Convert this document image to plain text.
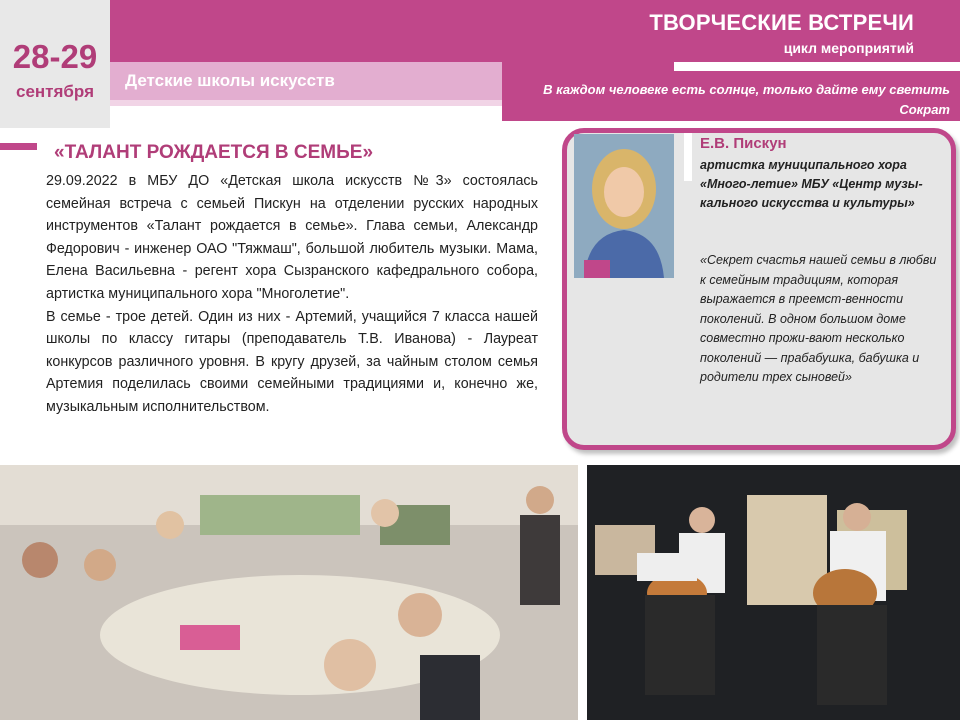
28-29
сентября
ТВОРЧЕСКИЕ ВСТРЕЧИ
цикл мероприятий
Детские школы искусств	В каждом человеке есть солнце, только дайте ему светить
Сократ
«ТАЛАНТ РОЖДАЕТСЯ В СЕМЬЕ»

29.09.2022 в МБУ ДО «Детская школа искусств №3» состоялась семейная встреча с семьей Пискун на отделении русских народных инструментов «Талант рождается в семье». Глава семьи, Александр Федорович - инженер ОАО "Тяжмаш", большой любитель музыки. Мама, Елена Васильевна - регент хора Сызранского кафедрального собора, артистка муниципального хора "Многолетие".

В семье - трое детей. Один из них - Артемий, учащийся 7 класса нашей школы по классу гитары (преподаватель Т.В. Иванова) - Лауреат конкурсов различного уровня. В кругу друзей, за чайным столом семья Артемия поделилась своими семейными традициями и, конечно же, музыкальным исполнительством.

Е.В. Пискун
артистка муниципального хора «Много-летие» МБУ «Центр музы-кального искусства и культуры»
«Секрет счастья нашей семьи в любви к семейным традициям, которая выражается в преемст-венности поколений. В одном большом доме совместно прожи-вают несколько поколений — прабабушка, бабушка и родители трех сыновей»
